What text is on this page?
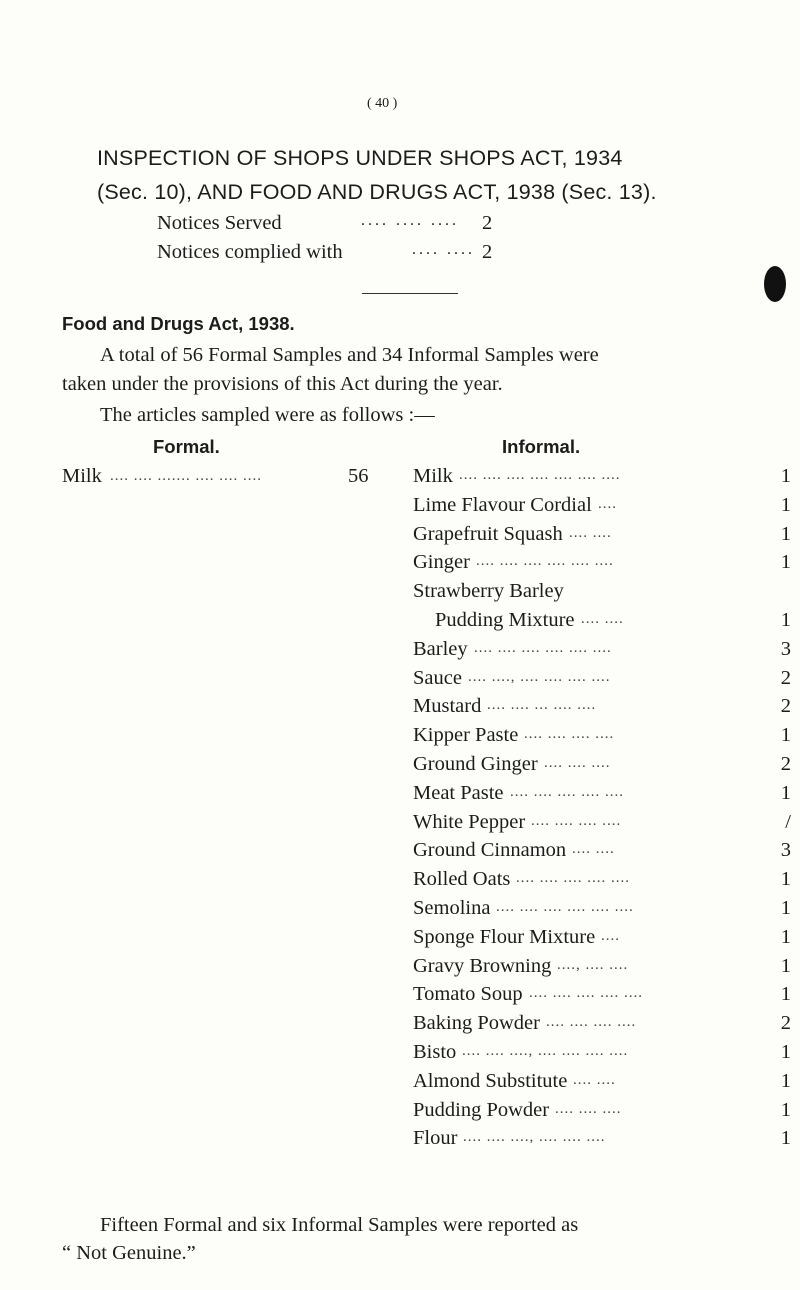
( 40 )
INSPECTION OF SHOPS UNDER SHOPS ACT, 1934
(Sec. 10), AND FOOD AND DRUGS ACT, 1938 (Sec. 13).
Notices Served	.... .... .... 2
Notices complied with	.... .... 2
Food and Drugs Act, 1938.
A total of 56 Formal Samples and 34 Informal Samples were
taken under the provisions of this Act during the year.
The articles sampled were as follows :—
Formal.	Informal.
Milk .... .... ....... .... .... ....	56 Milk .... .... .... .... .... .... ....	1
Lime Flavour Cordial ....	1
Grapefruit Squash .... ....	1
Ginger .... .... .... .... .... ....	1
Strawberry Barley
Pudding Mixture .... ....	1
Barley .... .... .... .... .... ....	3
Sauce .... ...., .... .... .... ....	2
Mustard .... .... ... .... ....	2
Kipper Paste .... .... .... ....	1
Ground Ginger .... .... ....	2
Meat Paste .... .... .... .... ....	1
White Pepper .... .... .... ....	/
Ground Cinnamon .... ....	3
Rolled Oats .... .... .... .... ....	1
Semolina .... .... .... .... .... ....	1
Sponge Flour Mixture ....	1
Gravy Browning ...., .... ....	1
Tomato Soup .... .... .... .... ....	1
Baking Powder .... .... .... ....	2
Bisto .... .... ...., .... .... .... ....	1
Almond Substitute .... ....	1
Pudding Powder .... .... ....	1
Flour .... .... ...., .... .... ....	1
Fifteen Formal and six Informal Samples were reported as
“ Not Genuine.”
